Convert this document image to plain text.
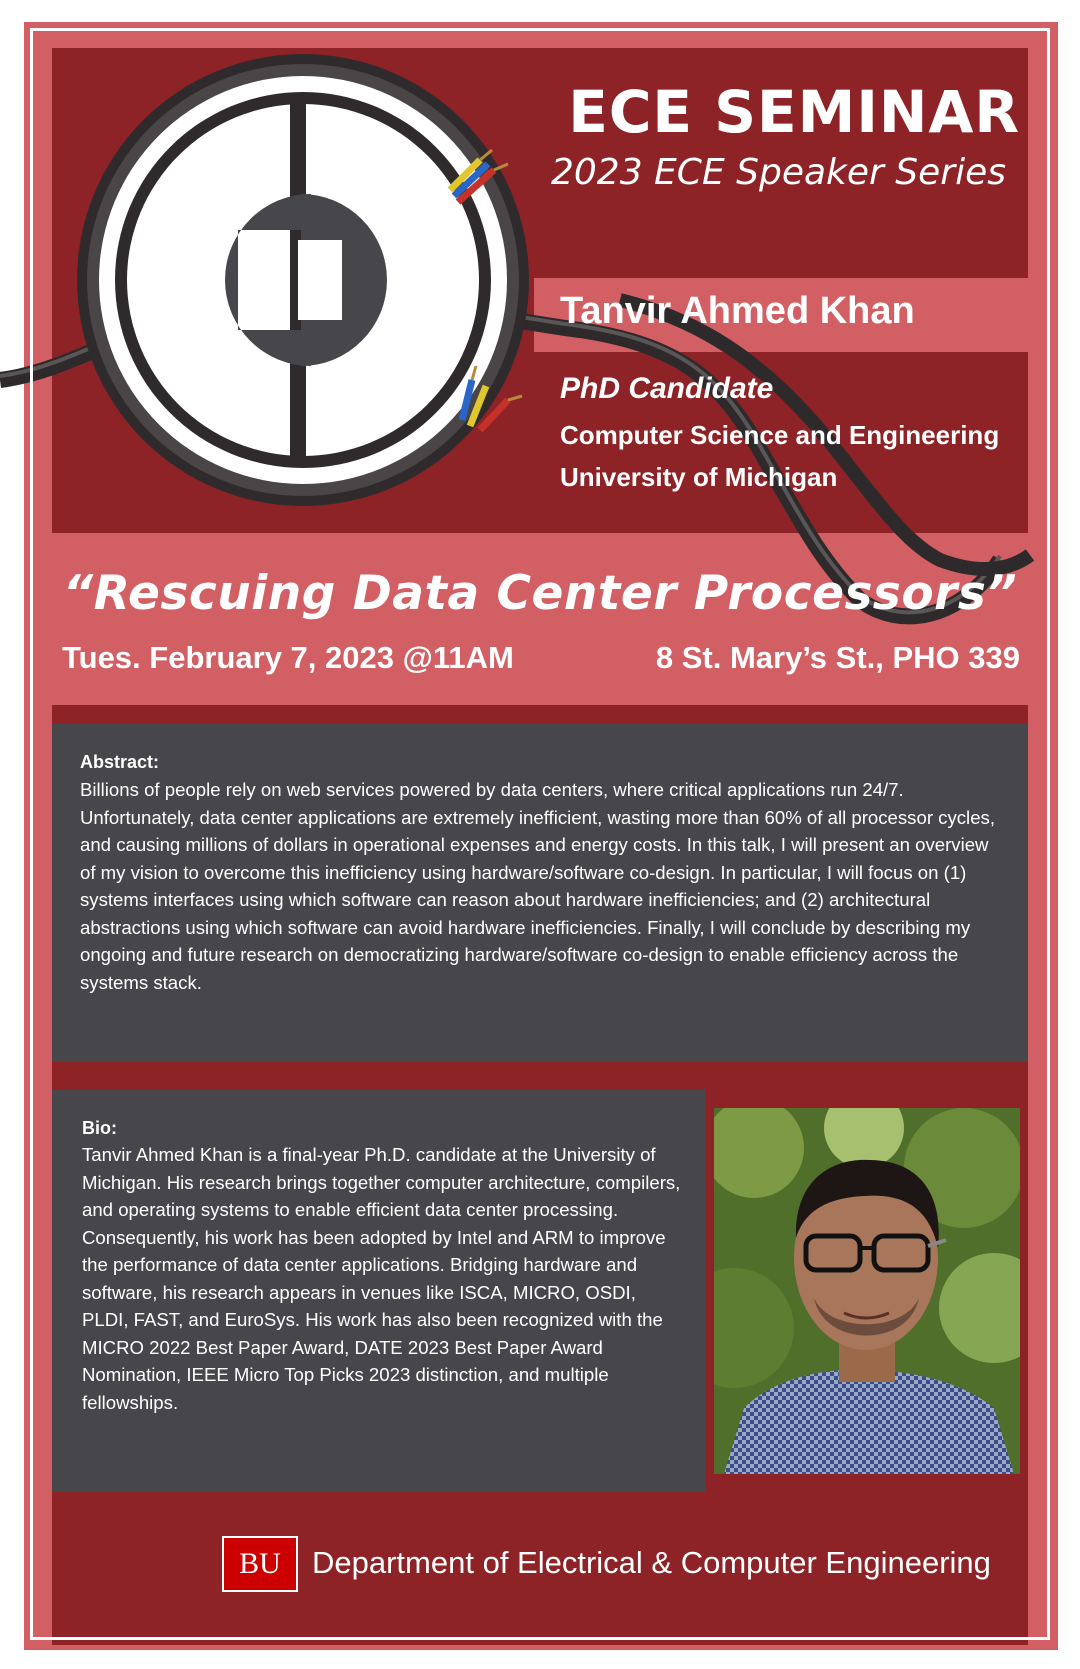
ECE SEMINAR
2023 ECE Speaker Series
Tanvir Ahmed Khan
PhD Candidate
Computer Science and Engineering
University of Michigan
“Rescuing Data Center Processors”
Tues. February 7, 2023 @11AM	8 St. Mary’s St., PHO 339
Abstract:
Billions of people rely on web services powered by data centers, where critical applications run 24/7. Unfortunately, data center applications are extremely inefficient, wasting more than 60% of all processor cycles, and causing millions of dollars in operational expenses and energy costs. In this talk, I will present an overview of my vision to overcome this inefficiency using hardware/software co-design. In particular, I will focus on (1) systems interfaces using which software can reason about hardware inefficiencies; and (2) architectural abstractions using which software can avoid hardware inefficiencies. Finally, I will conclude by describing my ongoing and future research on democratizing hardware/software co-design to enable efficiency across the systems stack.
Bio:
Tanvir Ahmed Khan is a final-year Ph.D. candidate at the University of Michigan. His research brings together computer architecture, compilers, and operating systems to enable efficient data center processing. Consequently, his work has been adopted by Intel and ARM to improve the performance of data center applications. Bridging hardware and software, his research appears in venues like ISCA, MICRO, OSDI, PLDI, FAST, and EuroSys. His work has also been recognized with the MICRO 2022 Best Paper Award, DATE 2023 Best Paper Award Nomination, IEEE Micro Top Picks 2023 distinction, and multiple fellowships.
BU	Department of Electrical & Computer Engineering
